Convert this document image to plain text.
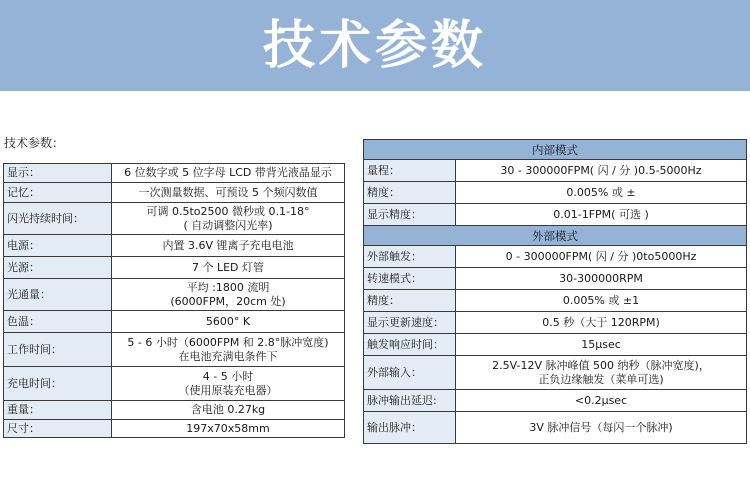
技术参数
技术参数：
显示：	6 位数字或 5 位字母 LCD 带背光液晶显示

记忆：	一次测量数据、可预设 5 个频闪数值

闪光持续时间：	可调 0.5to2500 微秒或 0.1-18°
( 自动调整闪光率)

电源：	内置 3.6V 锂离子充电电池

光源：	7 个 LED 灯管

光通量：	平均 :1800 流明
(6000FPM，20cm 处)

色温：	5600° K

工作时间：	5 - 6 小时（6000FPM 和 2.8°脉冲宽度)
在电池充满电条件下

充电时间：	4 - 5 小时
（使用原装充电器）

重量：	含电池 0.27kg

尺寸：	197x70x58mm
内部模式	
量程：	30 - 300000FPM( 闪 / 分 )0.5-5000Hz

精度：	0.005% 或 ±

显示精度：	0.01-1FPM( 可选 )

外部模式	
外部触发：	0 - 300000FPM( 闪 / 分 )0to5000Hz

转速模式：	30-300000RPM

精度：	0.005% 或 ±1

显示更新速度：	0.5 秒（大于 120RPM)

触发响应时间：	15μsec

外部输入：	2.5V-12V 脉冲峰值 500 纳秒（脉冲宽度)，
正负边缘触发（菜单可选)

脉冲输出延迟:	<0.2μsec

输出脉冲：	3V 脉冲信号（每闪一个脉冲)
